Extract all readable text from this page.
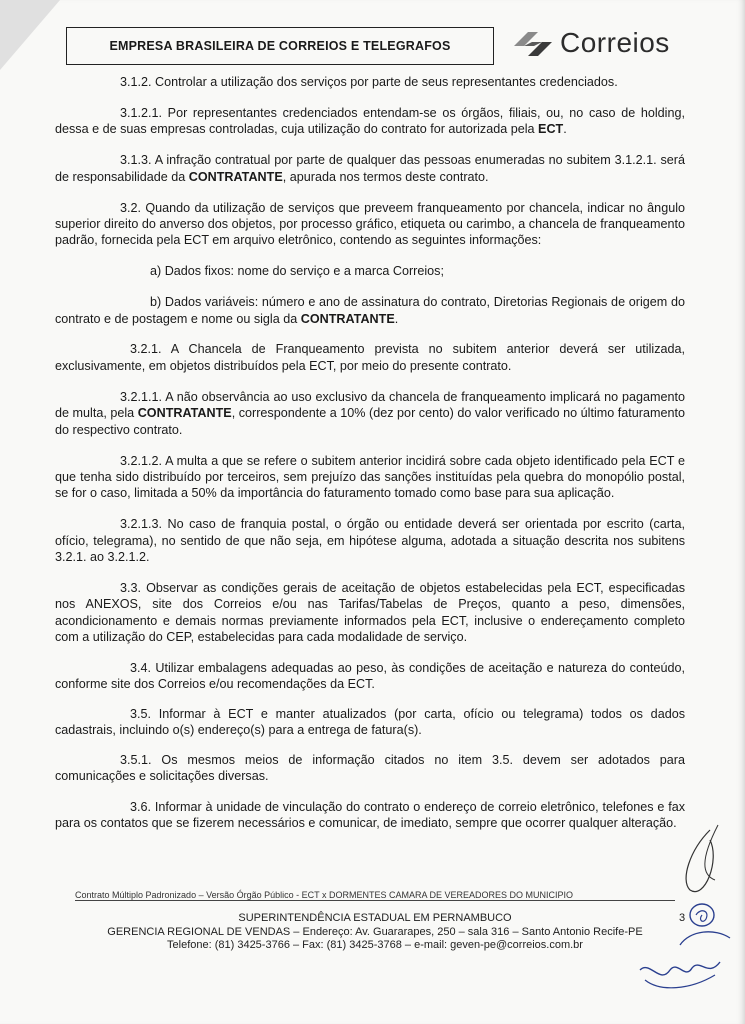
EMPRESA BRASILEIRA DE CORREIOS E TELEGRAFOS	Correios

3.1.2. Controlar a utilização dos serviços por parte de seus representantes credenciados.

3.1.2.1. Por representantes credenciados entendam-se os órgãos, filiais, ou, no caso de holding, dessa e de suas empresas controladas, cuja utilização do contrato for autorizada pela ECT.

3.1.3. A infração contratual por parte de qualquer das pessoas enumeradas no subitem 3.1.2.1. será de responsabilidade da CONTRATANTE, apurada nos termos deste contrato.

3.2. Quando da utilização de serviços que preveem franqueamento por chancela, indicar no ângulo superior direito do anverso dos objetos, por processo gráfico, etiqueta ou carimbo, a chancela de franqueamento padrão, fornecida pela ECT em arquivo eletrônico, contendo as seguintes informações:

a) Dados fixos: nome do serviço e a marca Correios;

b) Dados variáveis: número e ano de assinatura do contrato, Diretorias Regionais de origem do contrato e de postagem e nome ou sigla da CONTRATANTE.

3.2.1. A Chancela de Franqueamento prevista no subitem anterior deverá ser utilizada, exclusivamente, em objetos distribuídos pela ECT, por meio do presente contrato.

3.2.1.1. A não observância ao uso exclusivo da chancela de franqueamento implicará no pagamento de multa, pela CONTRATANTE, correspondente a 10% (dez por cento) do valor verificado no último faturamento do respectivo contrato.

3.2.1.2. A multa a que se refere o subitem anterior incidirá sobre cada objeto identificado pela ECT e que tenha sido distribuído por terceiros, sem prejuízo das sanções instituídas pela quebra do monopólio postal, se for o caso, limitada a 50% da importância do faturamento tomado como base para sua aplicação.

3.2.1.3. No caso de franquia postal, o órgão ou entidade deverá ser orientada por escrito (carta, ofício, telegrama), no sentido de que não seja, em hipótese alguma, adotada a situação descrita nos subitens 3.2.1. ao 3.2.1.2.

3.3. Observar as condições gerais de aceitação de objetos estabelecidas pela ECT, especificadas nos ANEXOS, site dos Correios e/ou nas Tarifas/Tabelas de Preços, quanto a peso, dimensões, acondicionamento e demais normas previamente informados pela ECT, inclusive o endereçamento completo com a utilização do CEP, estabelecidas para cada modalidade de serviço.

3.4. Utilizar embalagens adequadas ao peso, às condições de aceitação e natureza do conteúdo, conforme site dos Correios e/ou recomendações da ECT.

3.5. Informar à ECT e manter atualizados (por carta, ofício ou telegrama) todos os dados cadastrais, incluindo o(s) endereço(s) para a entrega de fatura(s).

3.5.1. Os mesmos meios de informação citados no item 3.5. devem ser adotados para comunicações e solicitações diversas.

3.6. Informar à unidade de vinculação do contrato o endereço de correio eletrônico, telefones e fax para os contatos que se fizerem necessários e comunicar, de imediato, sempre que ocorrer qualquer alteração.

Contrato Múltiplo Padronizado – Versão Órgão Público - ECT x DORMENTES CAMARA DE VEREADORES DO MUNICIPIO
SUPERINTENDÊNCIA ESTADUAL EM PERNAMBUCO
GERENCIA REGIONAL DE VENDAS – Endereço: Av. Guararapes, 250 – sala 316 – Santo Antonio Recife-PE
Telefone: (81) 3425-3766 – Fax: (81) 3425-3768 – e-mail: geven-pe@correios.com.br
3
